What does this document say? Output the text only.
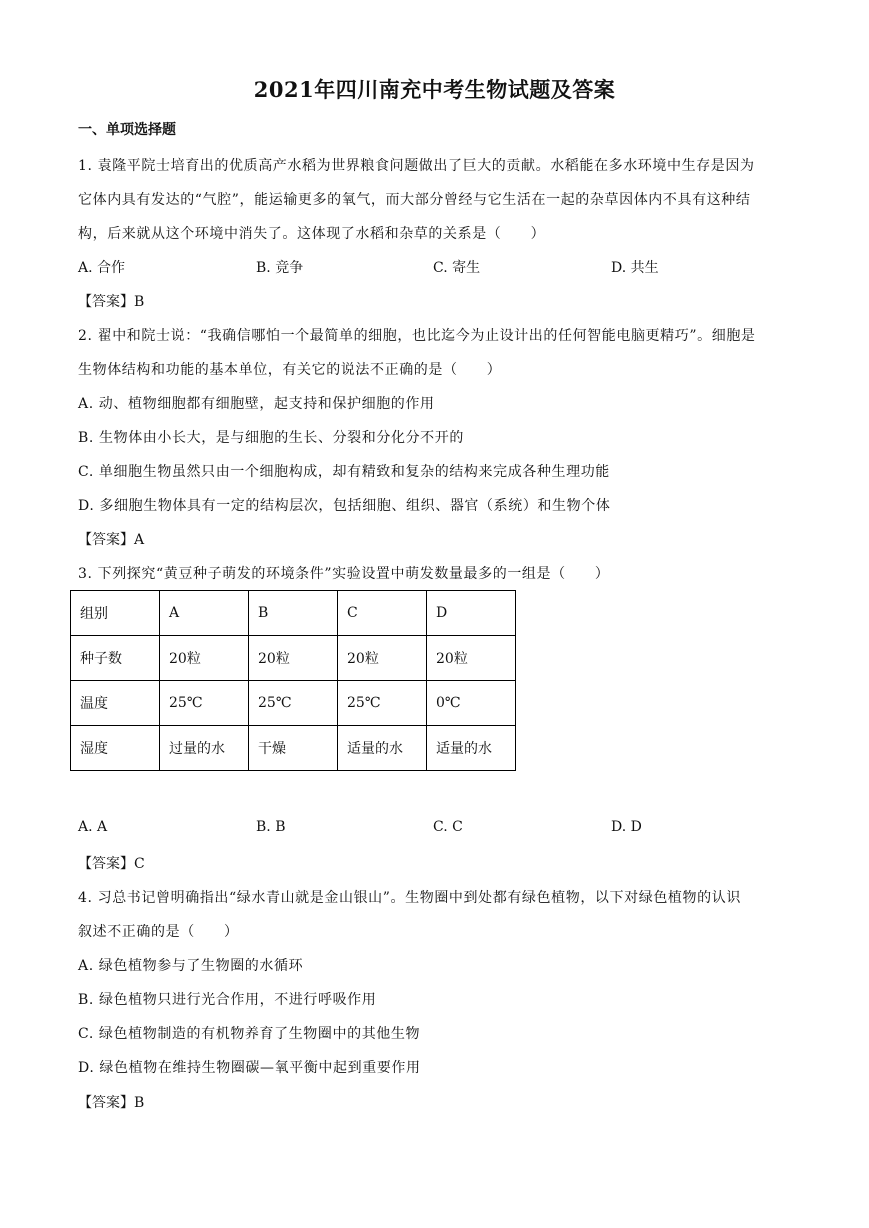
2021年四川南充中考生物试题及答案
一、单项选择题
1. 袁隆平院士培育出的优质高产水稻为世界粮食问题做出了巨大的贡献。水稻能在多水环境中生存是因为
它体内具有发达的“气腔”，能运输更多的氧气，而大部分曾经与它生活在一起的杂草因体内不具有这种结
构，后来就从这个环境中消失了。这体现了水稻和杂草的关系是（　　）
A. 合作	B. 竞争	C. 寄生	D. 共生
【答案】B
2. 翟中和院士说：“我确信哪怕一个最简单的细胞，也比迄今为止设计出的任何智能电脑更精巧”。细胞是
生物体结构和功能的基本单位，有关它的说法不正确的是（　　）
A. 动、植物细胞都有细胞壁，起支持和保护细胞的作用
B. 生物体由小长大，是与细胞的生长、分裂和分化分不开的
C. 单细胞生物虽然只由一个细胞构成，却有精致和复杂的结构来完成各种生理功能
D. 多细胞生物体具有一定的结构层次，包括细胞、组织、器官（系统）和生物个体
【答案】A
3. 下列探究“黄豆种子萌发的环境条件”实验设置中萌发数量最多的一组是（　　）
组别	A	B	C	D
种子数	20粒	20粒	20粒	20粒
温度	25℃	25℃	25℃	0℃
湿度	过量的水	干燥	适量的水	适量的水
A. A	B. B	C. C	D. D
【答案】C
4. 习总书记曾明确指出“绿水青山就是金山银山”。生物圈中到处都有绿色植物，以下对绿色植物的认识
叙述不正确的是（　　）
A. 绿色植物参与了生物圈的水循环
B. 绿色植物只进行光合作用，不进行呼吸作用
C. 绿色植物制造的有机物养育了生物圈中的其他生物
D. 绿色植物在维持生物圈碳—氧平衡中起到重要作用
【答案】B
